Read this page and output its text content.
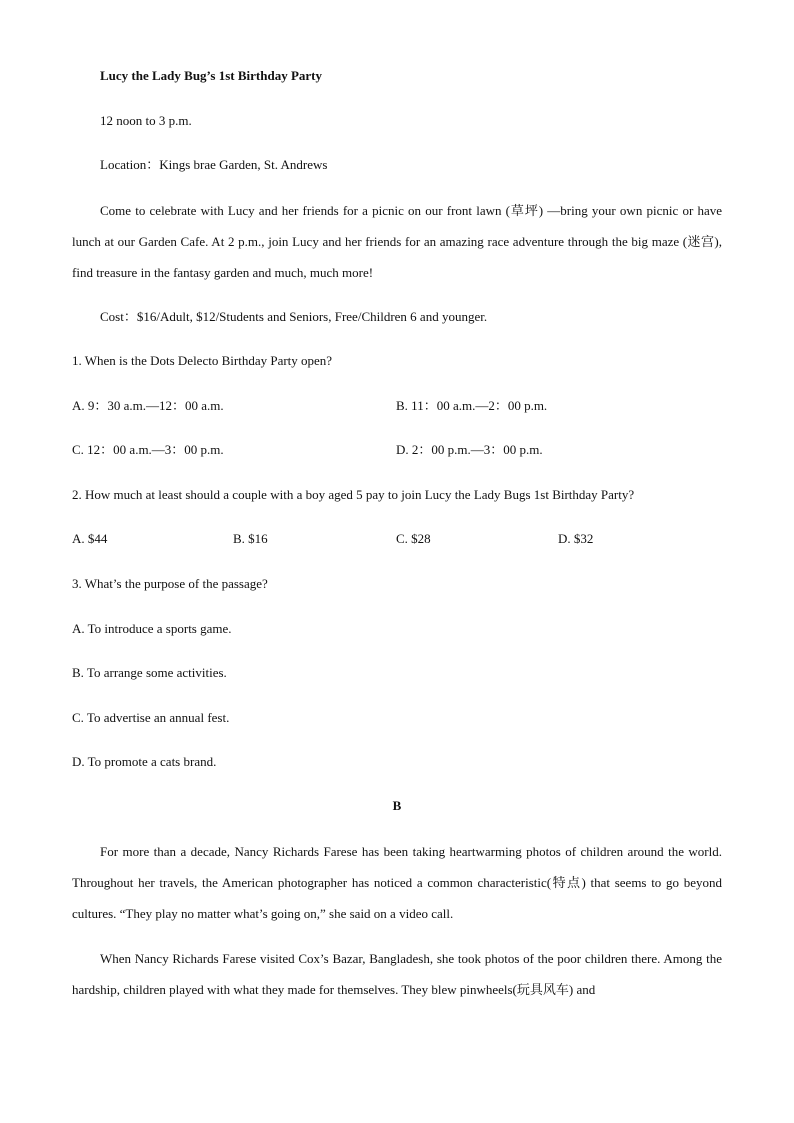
Lucy the Lady Bug’s 1st Birthday Party
12 noon to 3 p.m.
Location：Kings brae Garden, St. Andrews
Come to celebrate with Lucy and her friends for a picnic on our front lawn (草坪) —bring your own picnic or have lunch at our Garden Cafe. At 2 p.m., join Lucy and her friends for an amazing race adventure through the big maze (迷宫), find treasure in the fantasy garden and much, much more!
Cost：$16/Adult, $12/Students and Seniors, Free/Children 6 and younger.
1. When is the Dots Delecto Birthday Party open?
A. 9：30 a.m.—12：00 a.m.	B. 11：00 a.m.—2：00 p.m.
C. 12：00 a.m.—3：00 p.m.	D. 2：00 p.m.—3：00 p.m.
2. How much at least should a couple with a boy aged 5 pay to join Lucy the Lady Bugs 1st Birthday Party?
A. $44	B. $16	C. $28	D. $32
3. What’s the purpose of the passage?
A. To introduce a sports game.
B. To arrange some activities.
C. To advertise an annual fest.
D. To promote a cats brand.
B
For more than a decade, Nancy Richards Farese has been taking heartwarming photos of children around the world. Throughout her travels, the American photographer has noticed a common characteristic(特点) that seems to go beyond cultures. “They play no matter what’s going on,” she said on a video call.
When Nancy Richards Farese visited Cox’s Bazar, Bangladesh, she took photos of the poor children there. Among the hardship, children played with what they made for themselves. They blew pinwheels(玩具风车) and
